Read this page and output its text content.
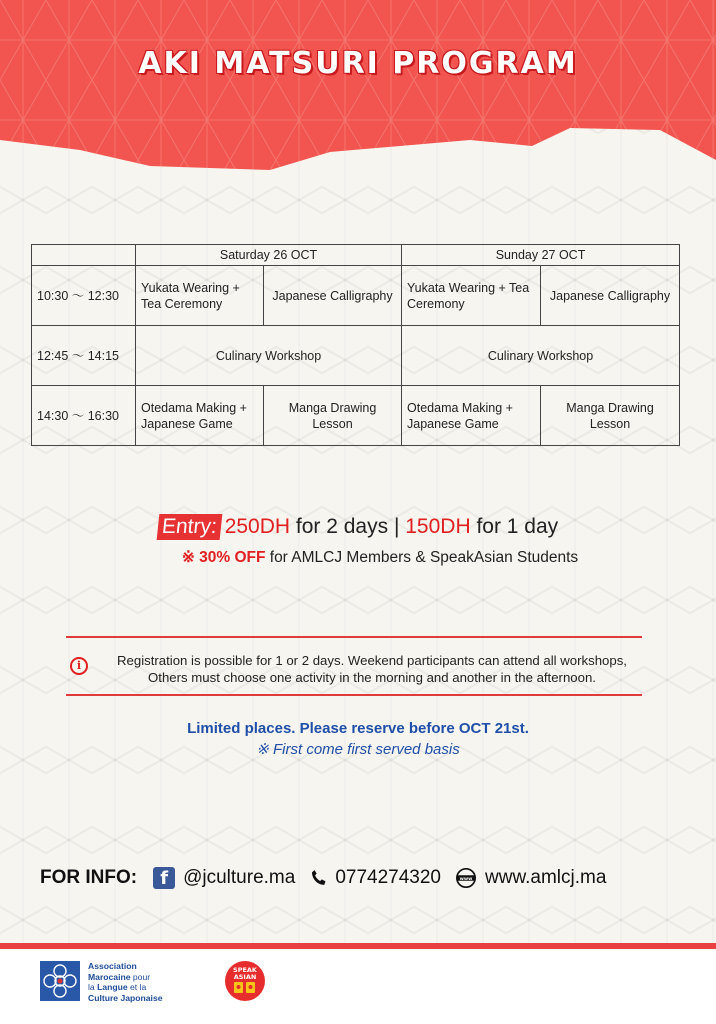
AKI MATSURI PROGRAM
	Saturday 26 OCT		Sunday 27 OCT	
10:30 〜 12:30	Yukata Wearing + Tea Ceremony	Japanese Calligraphy	Yukata Wearing + Tea Ceremony	Japanese Calligraphy
12:45 〜 14:15	Culinary Workshop		Culinary Workshop	
14:30 〜 16:30	Otedama Making + Japanese Game	Manga Drawing Lesson	Otedama Making + Japanese Game	Manga Drawing Lesson
Entry: 250DH for 2 days | 150DH for 1 day
※ 30% OFF for AMLCJ Members & SpeakAsian Students
i	Registration is possible for 1 or 2 days. Weekend participants can attend all workshops,
Others must choose one activity in the morning and another in the afternoon.
Limited places. Please reserve before OCT 21st.
※ First come first served basis
FOR INFO:	f @jculture.ma 0774274320	www www.amlcj.ma
Association
Marocaine pour
la Langue et la
Culture Japonaise
SPEAK
ASIAN
